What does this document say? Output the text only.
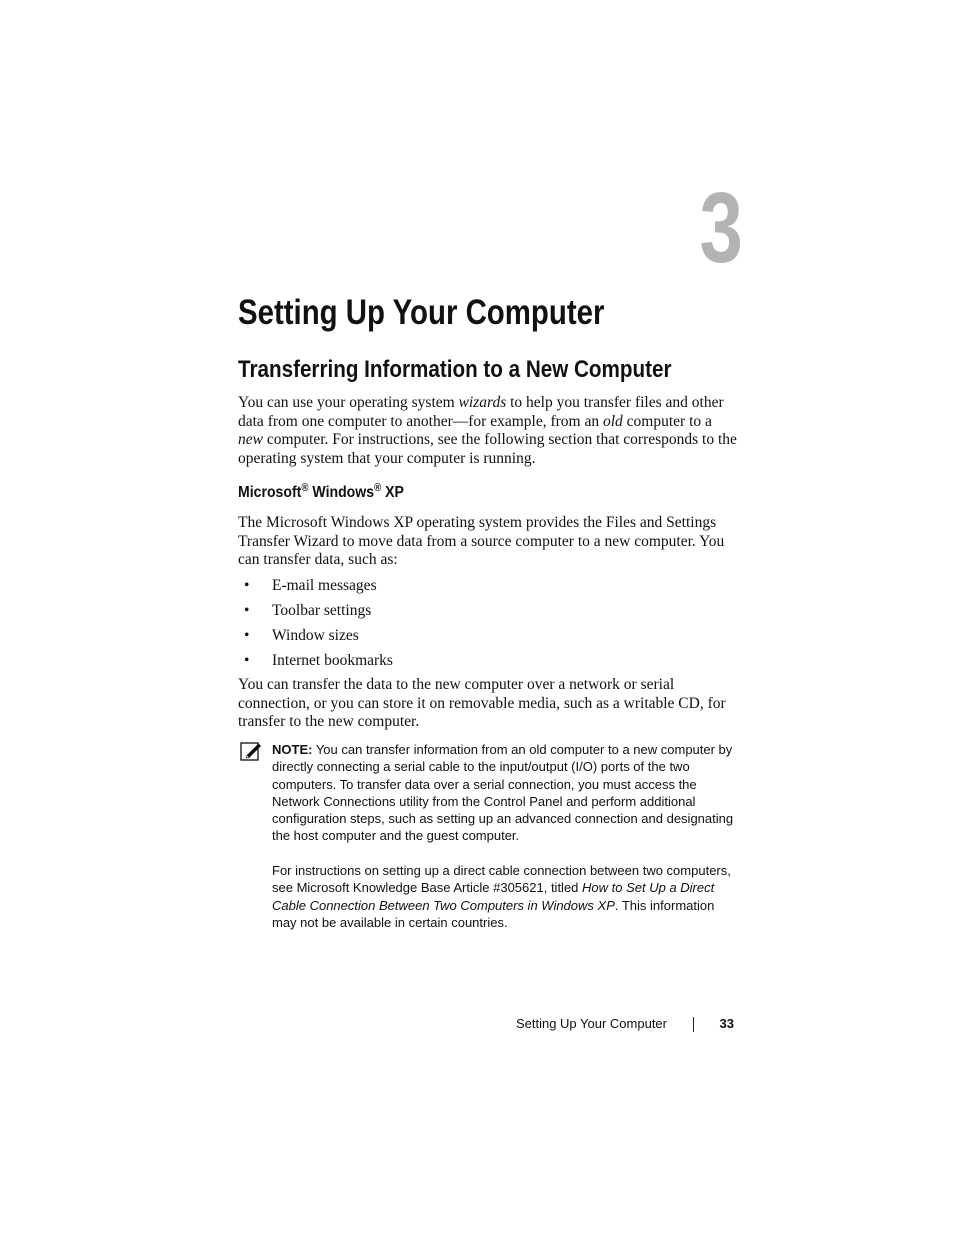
3
Setting Up Your Computer
Transferring Information to a New Computer

You can use your operating system wizards to help you transfer files and other data from one computer to another—for example, from an old computer to a new computer. For instructions, see the following section that corresponds to the operating system that your computer is running.

Microsoft® Windows® XP

The Microsoft Windows XP operating system provides the Files and Settings Transfer Wizard to move data from a source computer to a new computer. You can transfer data, such as:

• E-mail messages
• Toolbar settings
• Window sizes
• Internet bookmarks

You can transfer the data to the new computer over a network or serial connection, or you can store it on removable media, such as a writable CD, for transfer to the new computer.

NOTE: You can transfer information from an old computer to a new computer by directly connecting a serial cable to the input/output (I/O) ports of the two computers. To transfer data over a serial connection, you must access the Network Connections utility from the Control Panel and perform additional configuration steps, such as setting up an advanced connection and designating the host computer and the guest computer.

For instructions on setting up a direct cable connection between two computers, see Microsoft Knowledge Base Article #305621, titled How to Set Up a Direct Cable Connection Between Two Computers in Windows XP. This information may not be available in certain countries.

Setting Up Your Computer	33
